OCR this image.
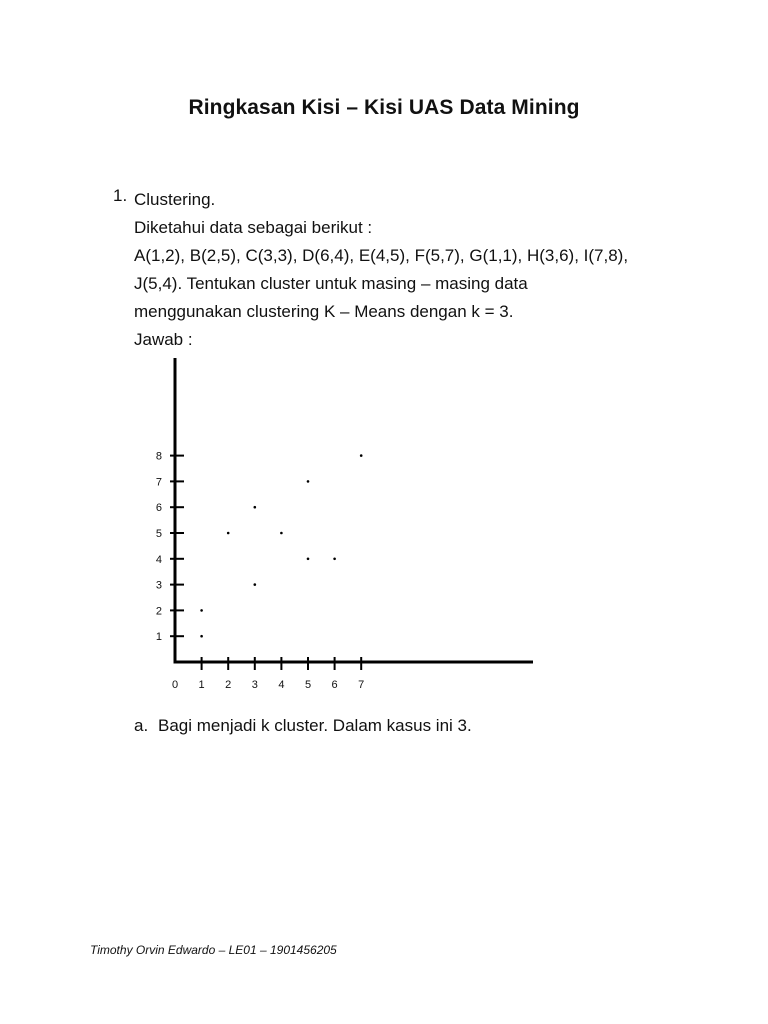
Ringkasan Kisi – Kisi UAS Data Mining
1. Clustering.
Diketahui data sebagai berikut :
A(1,2), B(2,5), C(3,3), D(6,4), E(4,5), F(5,7), G(1,1), H(3,6), I(7,8),
J(5,4). Tentukan cluster untuk masing – masing data
menggunakan clustering K – Means dengan k = 3.
Jawab :
1
2
3
4
5
6
7
8
0 1 2 3 4 5 6 7
a. Bagi menjadi k cluster. Dalam kasus ini 3.
Timothy Orvin Edwardo – LE01 – 1901456205
